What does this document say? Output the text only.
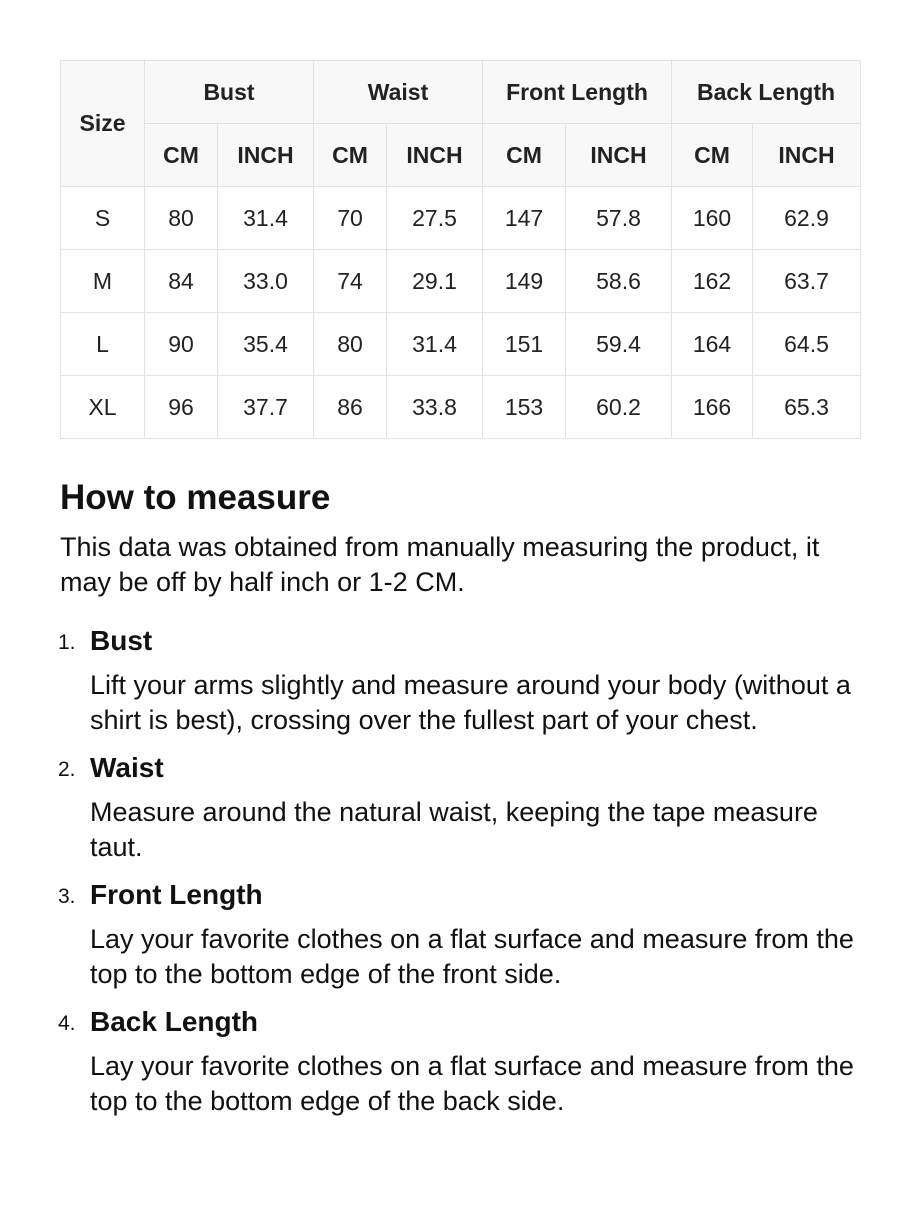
Size	Bust		Waist		Front Length		Back Length	
	CM	INCH	CM	INCH	CM	INCH	CM	INCH
S	80	31.4	70	27.5	147	57.8	160	62.9
M	84	33.0	74	29.1	149	58.6	162	63.7
L	90	35.4	80	31.4	151	59.4	164	64.5
XL	96	37.7	86	33.8	153	60.2	166	65.3
How to measure

This data was obtained from manually measuring the product, it may be off by half inch or 1-2 CM.

1. Bust
Lift your arms slightly and measure around your body (without a shirt is best), crossing over the fullest part of your chest.
2. Waist
Measure around the natural waist, keeping the tape measure taut.
3. Front Length
Lay your favorite clothes on a flat surface and measure from the top to the bottom edge of the front side.
4. Back Length
Lay your favorite clothes on a flat surface and measure from the top to the bottom edge of the back side.
